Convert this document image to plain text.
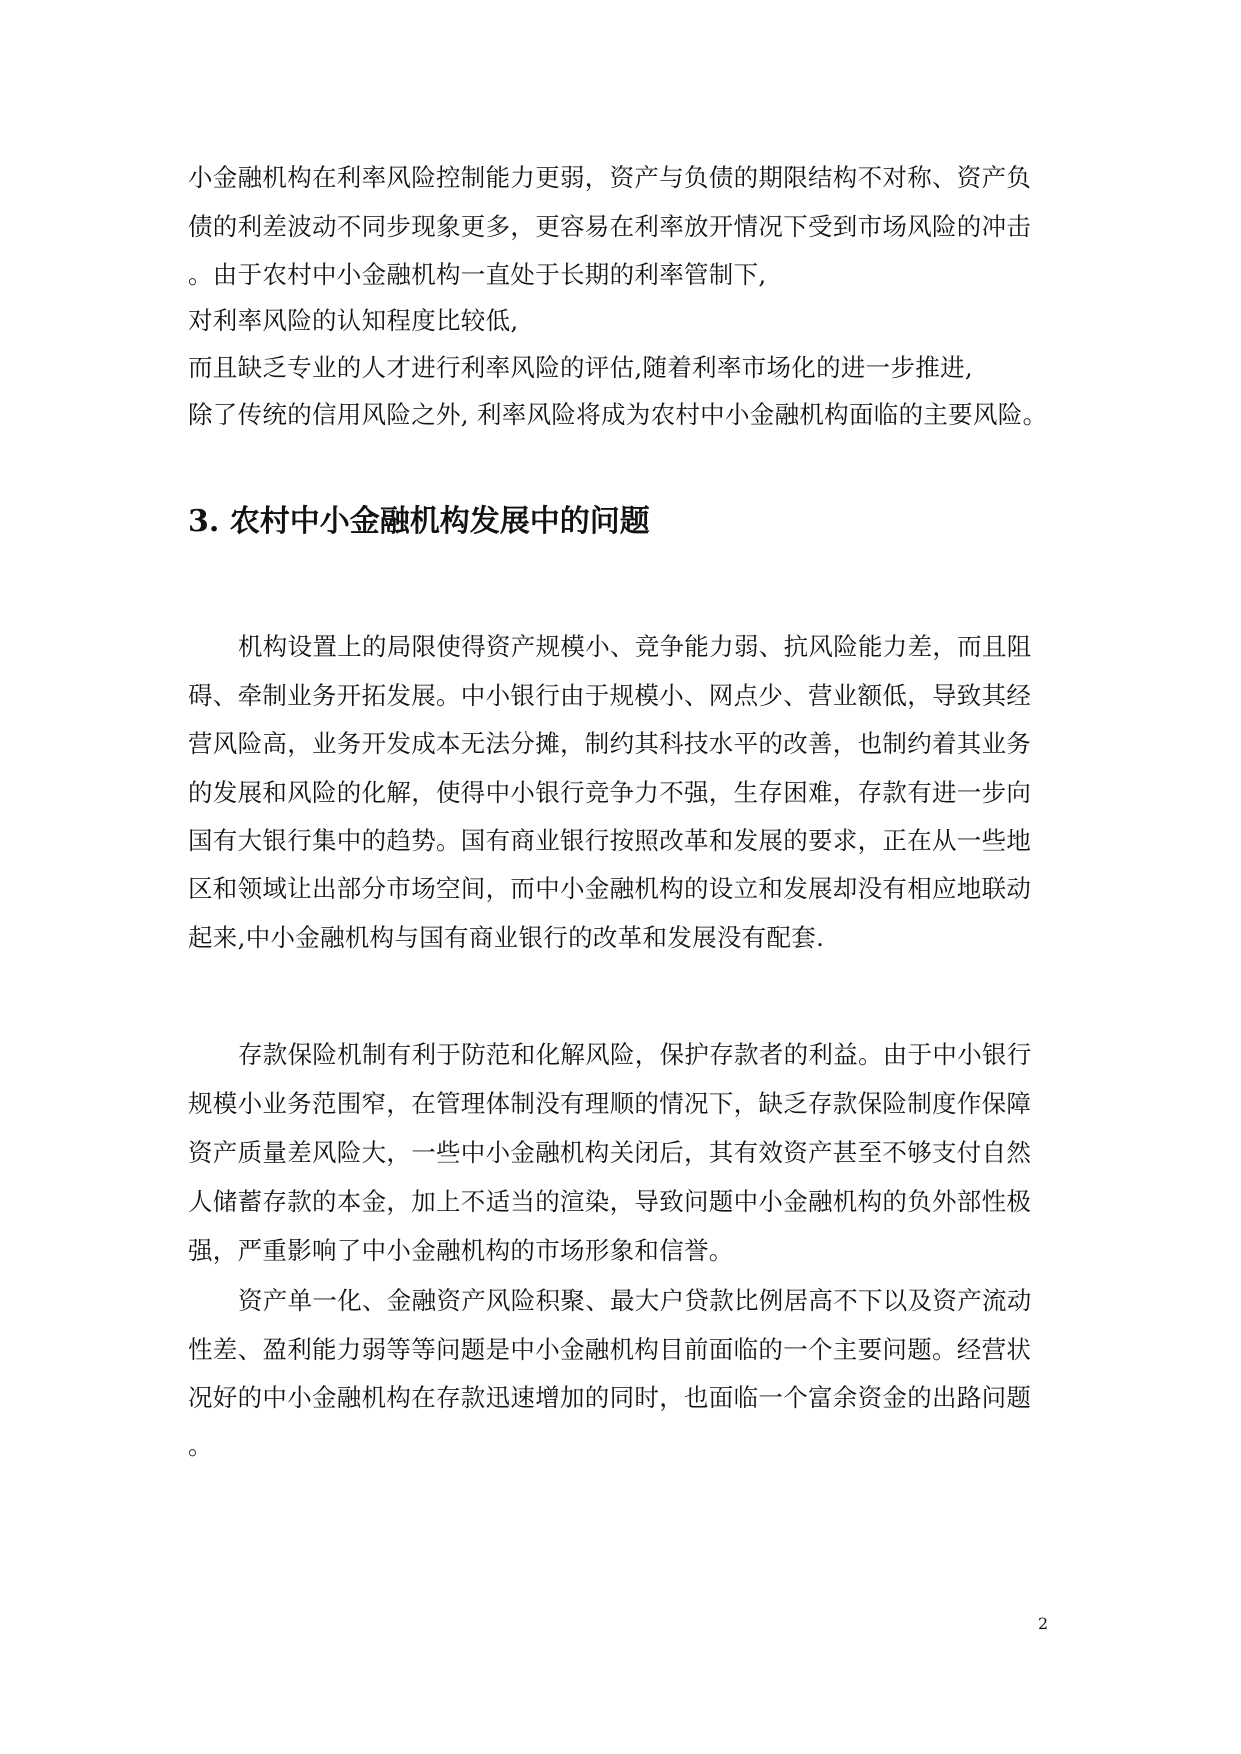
小金融机构在利率风险控制能力更弱，资产与负债的期限结构不对称、资产负
债的利差波动不同步现象更多，更容易在利率放开情况下受到市场风险的冲击
。由于农村中小金融机构一直处于长期的利率管制下,
对利率风险的认知程度比较低,
而且缺乏专业的人才进行利率风险的评估,随着利率市场化的进一步推进,
除了传统的信用风险之外, 利率风险将成为农村中小金融机构面临的主要风险。
3. 农村中小金融机构发展中的问题
机构设置上的局限使得资产规模小、竞争能力弱、抗风险能力差，而且阻
碍、牵制业务开拓发展。中小银行由于规模小、网点少、营业额低，导致其经
营风险高，业务开发成本无法分摊，制约其科技水平的改善，也制约着其业务
的发展和风险的化解，使得中小银行竞争力不强，生存困难，存款有进一步向
国有大银行集中的趋势。国有商业银行按照改革和发展的要求，正在从一些地
区和领域让出部分市场空间，而中小金融机构的设立和发展却没有相应地联动
起来,中小金融机构与国有商业银行的改革和发展没有配套.
存款保险机制有利于防范和化解风险，保护存款者的利益。由于中小银行
规模小业务范围窄，在管理体制没有理顺的情况下，缺乏存款保险制度作保障
资产质量差风险大，一些中小金融机构关闭后，其有效资产甚至不够支付自然
人储蓄存款的本金，加上不适当的渲染，导致问题中小金融机构的负外部性极
强，严重影响了中小金融机构的市场形象和信誉。
资产单一化、金融资产风险积聚、最大户贷款比例居高不下以及资产流动
性差、盈利能力弱等等问题是中小金融机构目前面临的一个主要问题。经营状
况好的中小金融机构在存款迅速增加的同时，也面临一个富余资金的出路问题
。
2
